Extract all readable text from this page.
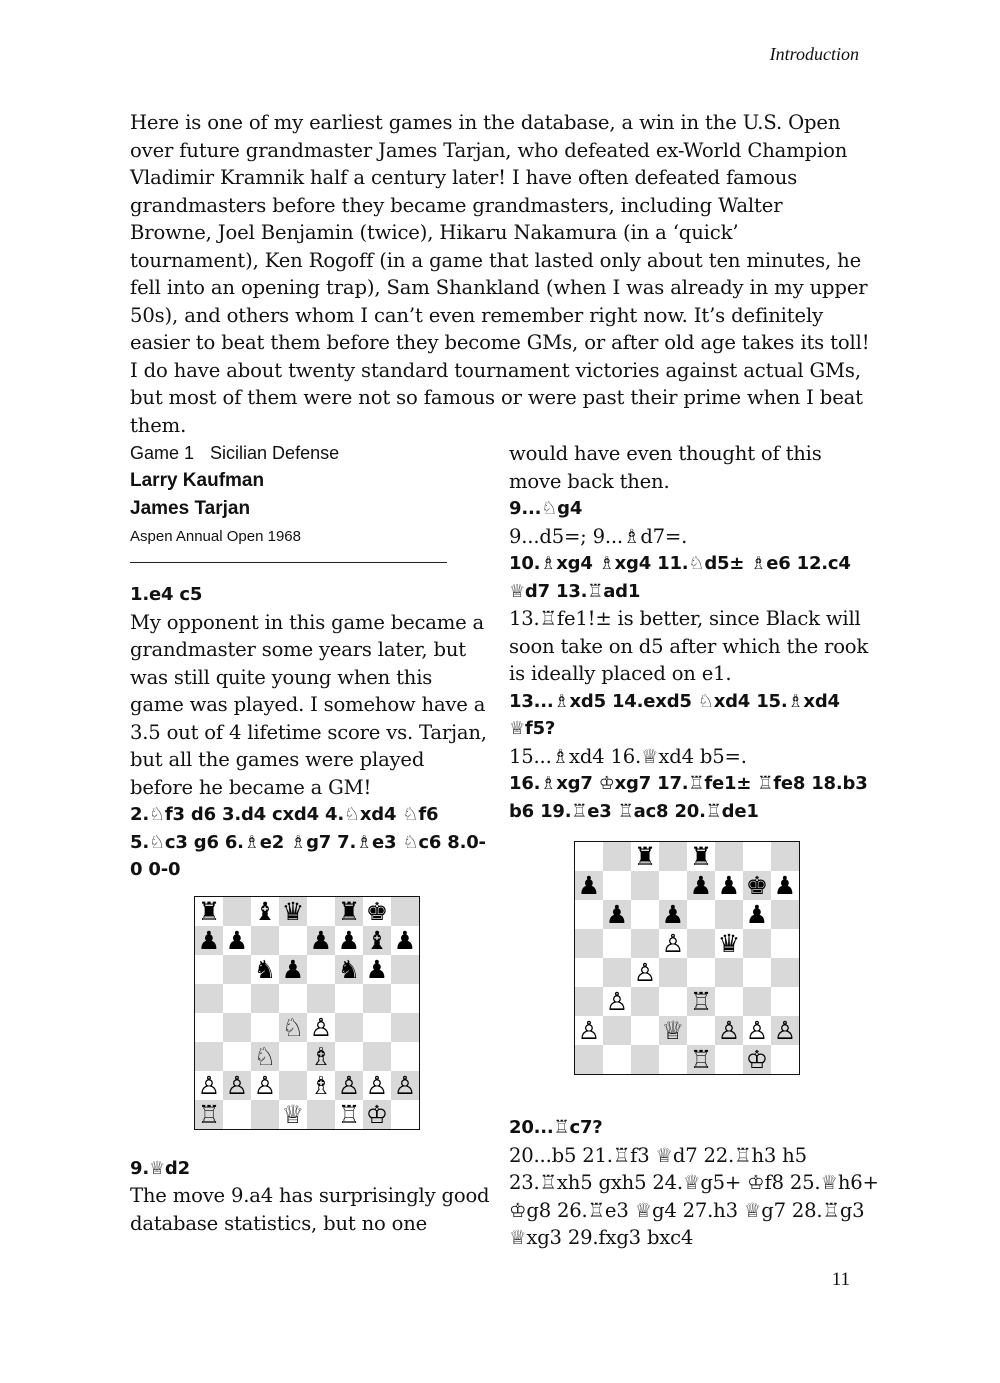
Introduction

Here is one of my earliest games in the database, a win in the U.S. Open over future grandmaster James Tarjan, who defeated ex-World Champion Vladimir Kramnik half a century later! I have often defeated famous grandmasters before they became grandmasters, including Walter Browne, Joel Benjamin (twice), Hikaru Nakamura (in a ‘quick’ tournament), Ken Rogoff (in a game that lasted only about ten minutes, he fell into an opening trap), Sam Shankland (when I was already in my upper 50s), and others whom I can’t even remember right now. It’s definitely easier to beat them before they become GMs, or after old age takes its toll! I do have about twenty standard tournament victories against actual GMs, but most of them were not so famous or were past their prime when I beat them.

Game 1 Sicilian Defense
Larry Kaufman
James Tarjan
Aspen Annual Open 1968

1.e4 c5

My opponent in this game became a grandmaster some years later, but was still quite young when this game was played. I somehow have a 3.5 out of 4 lifetime score vs. Tarjan, but all the games were played before he became a GM!

2.♘f3 d6 3.d4 cxd4 4.♘xd4 ♘f6 5.♘c3 g6 6.♗e2 ♗g7 7.♗e3 ♘c6 8.0-0 0-0

9.♕d2

The move 9.a4 has surprisingly good database statistics, but no one

would have even thought of this move back then.

9...♘g4

9...d5=; 9...♗d7=.

10.♗xg4 ♗xg4 11.♘d5± ♗e6 12.c4 ♕d7 13.♖ad1

13.♖fe1!± is better, since Black will soon take on d5 after which the rook is ideally placed on e1.

13...♗xd5 14.exd5 ♘xd4 15.♗xd4 ♕f5?

15...♗xd4 16.♕xd4 b5=.

16.♗xg7 ♔xg7 17.♖fe1± ♖fe8 18.b3 b6 19.♖e3 ♖ac8 20.♖de1

20...♖c7?

20...b5 21.♖f3 ♕d7 22.♖h3 h5 23.♖xh5 gxh5 24.♕g5+ ♔f8 25.♕h6+ ♔g8 26.♖e3 ♕g4 27.h3 ♕g7 28.♖g3 ♕xg3 29.fxg3 bxc4

♜ ♝ ♛ ♜ ♚
♟ ♟ ♟ ♟ ♝ ♟
♞ ♟ ♞ ♟
♘ ♙
♘ ♗
♙ ♙ ♙ ♗ ♙ ♙ ♙
♖ ♕ ♖ ♔
♜ ♜
♟	♟ ♟ ♚ ♟
♟ ♟ ♟
♙ ♛
♙
♙ ♖
♙ ♕ ♙ ♙ ♙
♖ ♔
11
